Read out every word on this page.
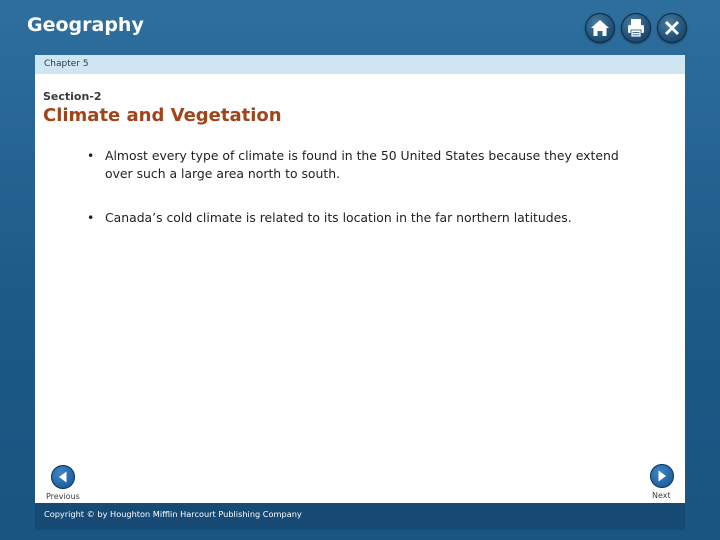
Geography
Chapter 5
Section-2
Climate and Vegetation
• Almost every type of climate is found in the 50 United States because they extend over such a large area north to south.
• Canada’s cold climate is related to its location in the far northern latitudes.
Previous	Next
Copyright © by Houghton Mifflin Harcourt Publishing Company
